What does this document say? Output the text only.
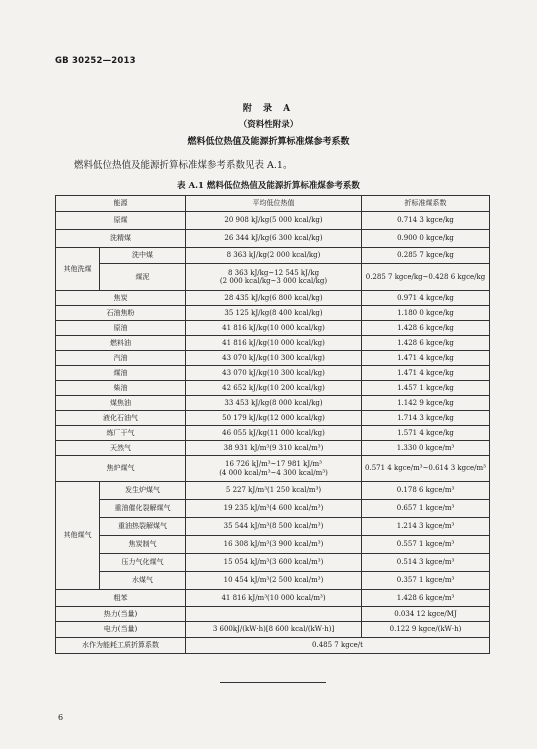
GB 30252—2013
附 录 A
（资料性附录）
燃料低位热值及能源折算标准煤参考系数
燃料低位热值及能源折算标准煤参考系数见表 A.1。
表 A.1 燃料低位热值及能源折算标准煤参考系数
能源		平均低位热值	折标准煤系数
原煤		20 908 kJ/kg(5 000 kcal/kg)	0.714 3 kgce/kg
洗精煤		26 344 kJ/kg(6 300 kcal/kg)	0.900 0 kgce/kg
其他洗煤	洗中煤	8 363 kJ/kg(2 000 kcal/kg)	0.285 7 kgce/kg
	煤泥	8 363 kJ/kg~12 545 kJ/kg
(2 000 kcal/kg~3 000 kcal/kg)	0.285 7 kgce/kg~0.428 6 kgce/kg
焦炭		28 435 kJ/kg(6 800 kcal/kg)	0.971 4 kgce/kg
石油焦粉		35 125 kJ/kg(8 400 kcal/kg)	1.180 0 kgce/kg
原油		41 816 kJ/kg(10 000 kcal/kg)	1.428 6 kgce/kg
燃料油		41 816 kJ/kg(10 000 kcal/kg)	1.428 6 kgce/kg
汽油		43 070 kJ/kg(10 300 kcal/kg)	1.471 4 kgce/kg
煤油		43 070 kJ/kg(10 300 kcal/kg)	1.471 4 kgce/kg
柴油		42 652 kJ/kg(10 200 kcal/kg)	1.457 1 kgce/kg
煤焦油		33 453 kJ/kg(8 000 kcal/kg)	1.142 9 kgce/kg
液化石油气		50 179 kJ/kg(12 000 kcal/kg)	1.714 3 kgce/kg
炼厂干气		46 055 kJ/kg(11 000 kcal/kg)	1.571 4 kgce/kg
天然气		38 931 kJ/m³(9 310 kcal/m³)	1.330 0 kgce/m³
焦炉煤气		16 726 kJ/m³~17 981 kJ/m³
(4 000 kcal/m³~4 300 kcal/m³)	0.571 4 kgce/m³~0.614 3 kgce/m³
其他煤气	发生炉煤气	5 227 kJ/m³(1 250 kcal/m³)	0.178 6 kgce/m³
	重油催化裂解煤气	19 235 kJ/m³(4 600 kcal/m³)	0.657 1 kgce/m³
	重油热裂解煤气	35 544 kJ/m³(8 500 kcal/m³)	1.214 3 kgce/m³
	焦炭制气	16 308 kJ/m³(3 900 kcal/m³)	0.557 1 kgce/m³
	压力气化煤气	15 054 kJ/m³(3 600 kcal/m³)	0.514 3 kgce/m³
	水煤气	10 454 kJ/m³(2 500 kcal/m³)	0.357 1 kgce/m³
粗苯		41 816 kJ/m³(10 000 kcal/m³)	1.428 6 kgce/m³
热力(当量)			0.034 12 kgce/MJ
电力(当量)		3 600kJ/(kW·h)[8 600 kcal/(kW·h)]	0.122 9 kgce/(kW·h)
水作为能耗工质折算系数		0.485 7 kgce/t	
6
